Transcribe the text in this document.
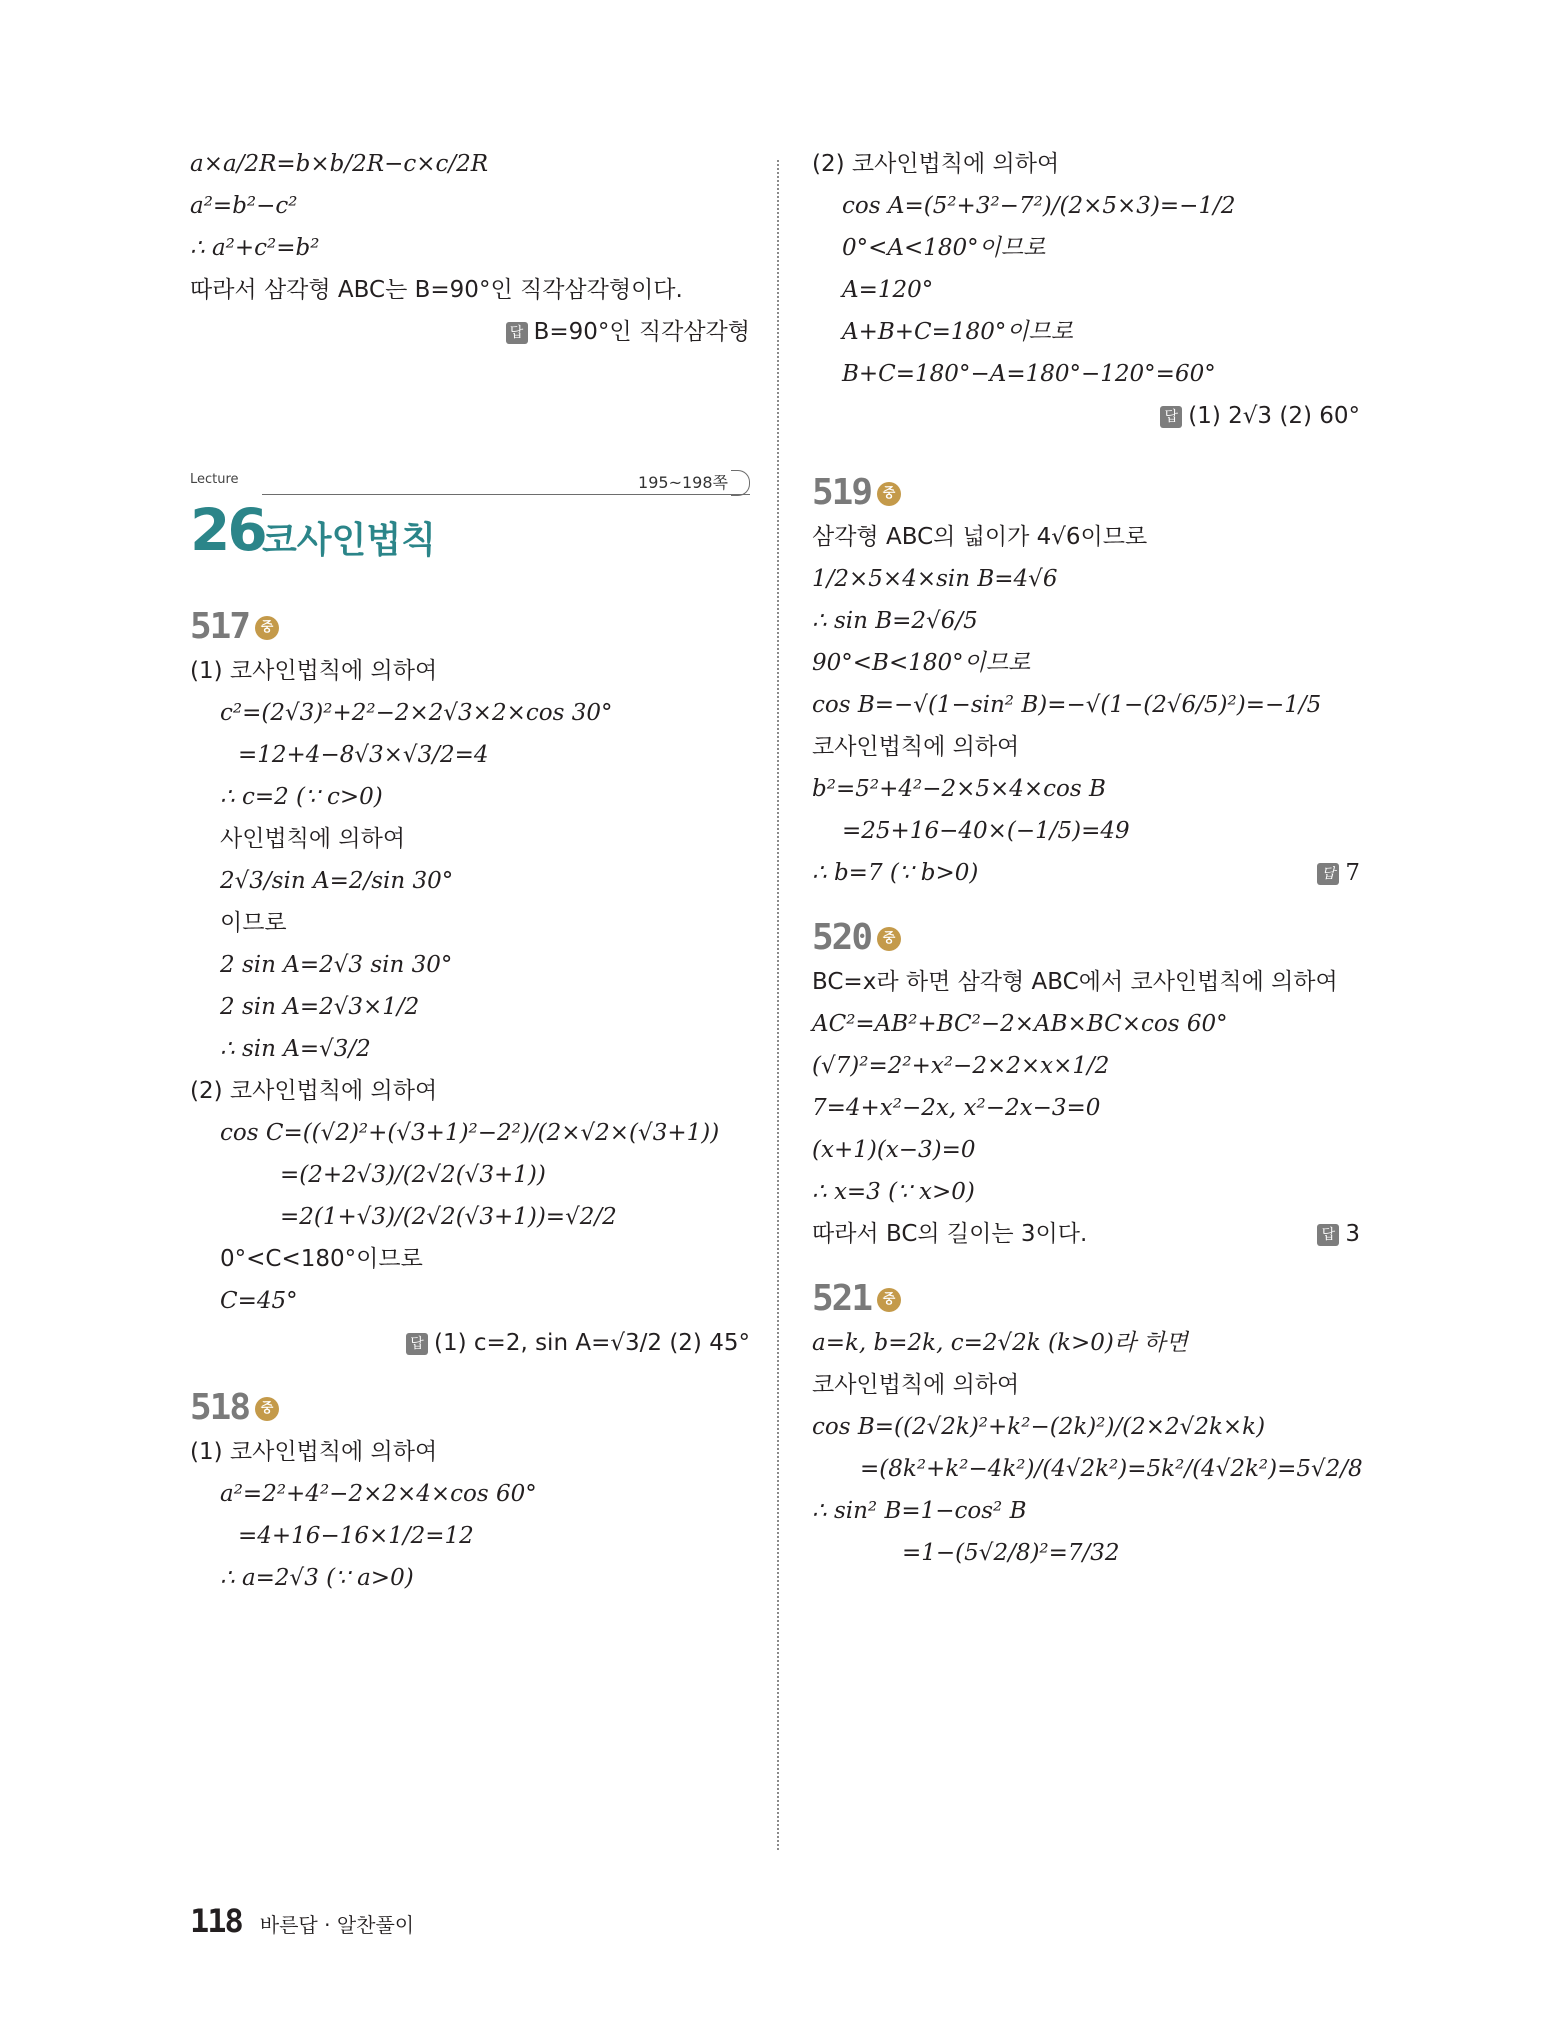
a×a/2R=b×b/2R−c×c/2R
a²=b²−c²
∴ a²+c²=b²
따라서 삼각형 ABC는 B=90°인 직각삼각형이다.
답 B=90°인 직각삼각형
Lecture	195~198쪽
26
코사인법칙
517 중
(1) 코사인법칙에 의하여
c²=(2√3)²+2²−2×2√3×2×cos 30°
=12+4−8√3×√3/2=4
∴ c=2 (∵ c>0)
사인법칙에 의하여
2√3/sin A=2/sin 30°
이므로
2 sin A=2√3 sin 30°
2 sin A=2√3×1/2
∴ sin A=√3/2
(2) 코사인법칙에 의하여
cos C=((√2)²+(√3+1)²−2²)/(2×√2×(√3+1))
=(2+2√3)/(2√2(√3+1))
=2(1+√3)/(2√2(√3+1))=√2/2
0°<C<180°이므로
C=45°
답 (1) c=2, sin A=√3/2 (2) 45°
518 중
(1) 코사인법칙에 의하여
a²=2²+4²−2×2×4×cos 60°
=4+16−16×1/2=12
∴ a=2√3 (∵ a>0)
(2) 코사인법칙에 의하여
cos A=(5²+3²−7²)/(2×5×3)=−1/2
0°<A<180°이므로
A=120°
A+B+C=180°이므로
B+C=180°−A=180°−120°=60°
답 (1) 2√3 (2) 60°
519 중
삼각형 ABC의 넓이가 4√6이므로
1/2×5×4×sin B=4√6
∴ sin B=2√6/5
90°<B<180°이므로
cos B=−√(1−sin² B)=−√(1−(2√6/5)²)=−1/5
코사인법칙에 의하여
b²=5²+4²−2×5×4×cos B
=25+16−40×(−1/5)=49
∴ b=7 (∵ b>0)	답 7
520 중
BC=x라 하면 삼각형 ABC에서 코사인법칙에 의하여
AC²=AB²+BC²−2×AB×BC×cos 60°
(√7)²=2²+x²−2×2×x×1/2
7=4+x²−2x, x²−2x−3=0
(x+1)(x−3)=0
∴ x=3 (∵ x>0)
따라서 BC의 길이는 3이다.	답 3
521 중
a=k, b=2k, c=2√2k (k>0)라 하면
코사인법칙에 의하여
cos B=((2√2k)²+k²−(2k)²)/(2×2√2k×k)
=(8k²+k²−4k²)/(4√2k²)=5k²/(4√2k²)=5√2/8
∴ sin² B=1−cos² B
=1−(5√2/8)²=7/32
118 바른답 · 알찬풀이
